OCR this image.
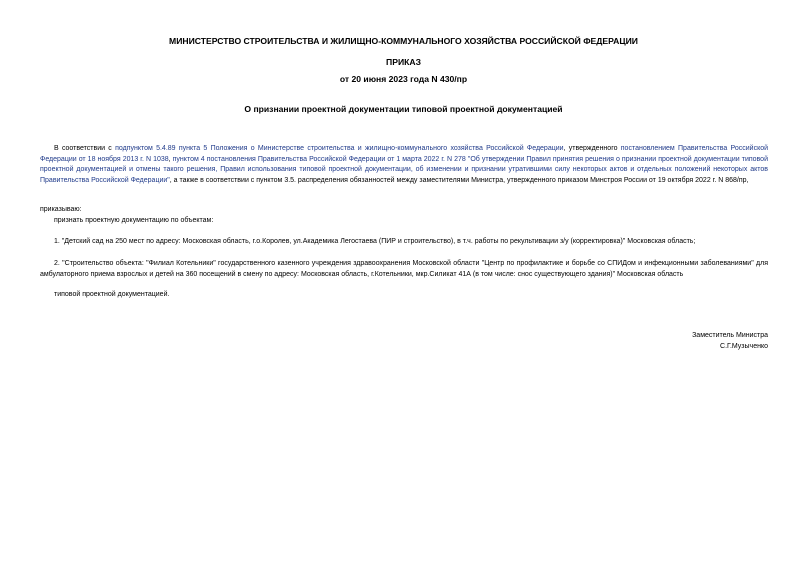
МИНИСТЕРСТВО СТРОИТЕЛЬСТВА И ЖИЛИЩНО-КОММУНАЛЬНОГО ХОЗЯЙСТВА РОССИЙСКОЙ ФЕДЕРАЦИИ
ПРИКАЗ
от 20 июня 2023 года N 430/пр
О признании проектной документации типовой проектной документацией
В соответствии с подпунктом 5.4.89 пункта 5 Положения о Министерстве строительства и жилищно-коммунального хозяйства Российской Федерации, утвержденного постановлением Правительства Российской Федерации от 18 ноября 2013 г. N 1038, пунктом 4 постановления Правительства Российской Федерации от 1 марта 2022 г. N 278 "Об утверждении Правил принятия решения о признании проектной документации типовой проектной документацией и отмены такого решения, Правил использования типовой проектной документации, об изменении и признании утратившими силу некоторых актов и отдельных положений некоторых актов Правительства Российской Федерации", а также в соответствии с пунктом 3.5. распределения обязанностей между заместителями Министра, утвержденного приказом Минстроя России от 19 октября 2022 г. N 868/пр,
приказываю:
признать проектную документацию по объектам:
1. "Детский сад на 250 мест по адресу: Московская область, г.о.Королев, ул.Академика Легостаева (ПИР и строительство), в т.ч. работы по рекультивации з/у (корректировка)" Московская область;
2. "Строительство объекта: "Филиал Котельники" государственного казенного учреждения здравоохранения Московской области "Центр по профилактике и борьбе со СПИДом и инфекционными заболеваниями" для амбулаторного приема взрослых и детей на 360 посещений в смену по адресу: Московская область, г.Котельники, мкр.Силикат 41А (в том числе: снос существующего здания)" Московская область
типовой проектной документацией.
Заместитель Министра
С.Г.Музыченко
